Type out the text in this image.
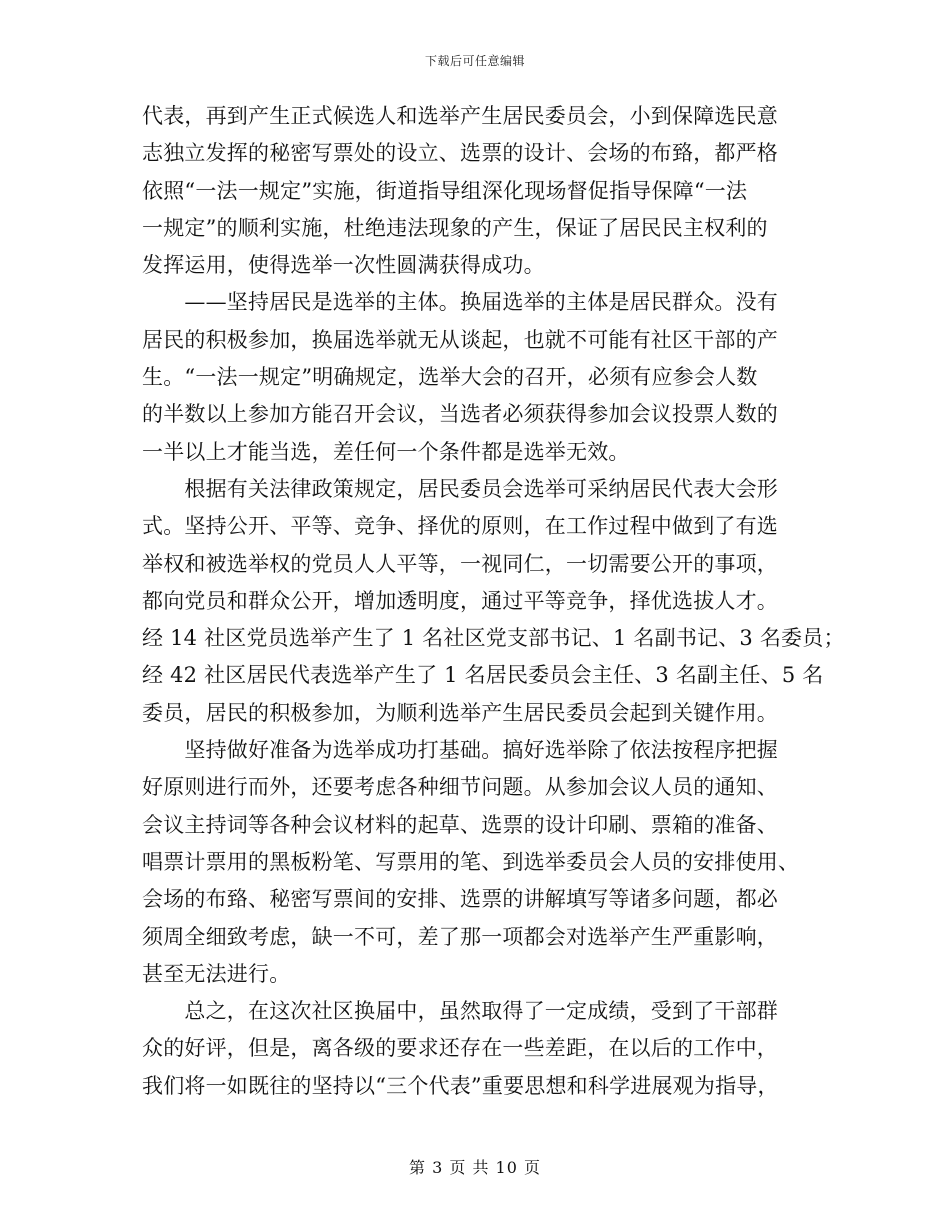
下载后可任意编辑
代表，再到产生正式候选人和选举产生居民委员会，小到保障选民意
志独立发挥的秘密写票处的设立、选票的设计、会场的布臵，都严格
依照“一法一规定”实施，街道指导组深化现场督促指导保障“一法
一规定”的顺利实施，杜绝违法现象的产生，保证了居民民主权利的
发挥运用，使得选举一次性圆满获得成功。
　　——坚持居民是选举的主体。换届选举的主体是居民群众。没有
居民的积极参加，换届选举就无从谈起，也就不可能有社区干部的产
生。“一法一规定”明确规定，选举大会的召开，必须有应参会人数
的半数以上参加方能召开会议，当选者必须获得参加会议投票人数的
一半以上才能当选，差任何一个条件都是选举无效。
　　根据有关法律政策规定，居民委员会选举可采纳居民代表大会形
式。坚持公开、平等、竞争、择优的原则，在工作过程中做到了有选
举权和被选举权的党员人人平等，一视同仁，一切需要公开的事项，
都向党员和群众公开，增加透明度，通过平等竞争，择优选拔人才。
经 14 社区党员选举产生了 1 名社区党支部书记、1 名副书记、3 名委员；
经 42 社区居民代表选举产生了 1 名居民委员会主任、3 名副主任、5 名
委员，居民的积极参加，为顺利选举产生居民委员会起到关键作用。
　　坚持做好准备为选举成功打基础。搞好选举除了依法按程序把握
好原则进行而外，还要考虑各种细节问题。从参加会议人员的通知、
会议主持词等各种会议材料的起草、选票的设计印刷、票箱的准备、
唱票计票用的黑板粉笔、写票用的笔、到选举委员会人员的安排使用、
会场的布臵、秘密写票间的安排、选票的讲解填写等诸多问题，都必
须周全细致考虑，缺一不可，差了那一项都会对选举产生严重影响，
甚至无法进行。
　　总之，在这次社区换届中，虽然取得了一定成绩，受到了干部群
众的好评，但是，离各级的要求还存在一些差距，在以后的工作中，
我们将一如既往的坚持以“三个代表”重要思想和科学进展观为指导，
第 3 页 共 10 页
